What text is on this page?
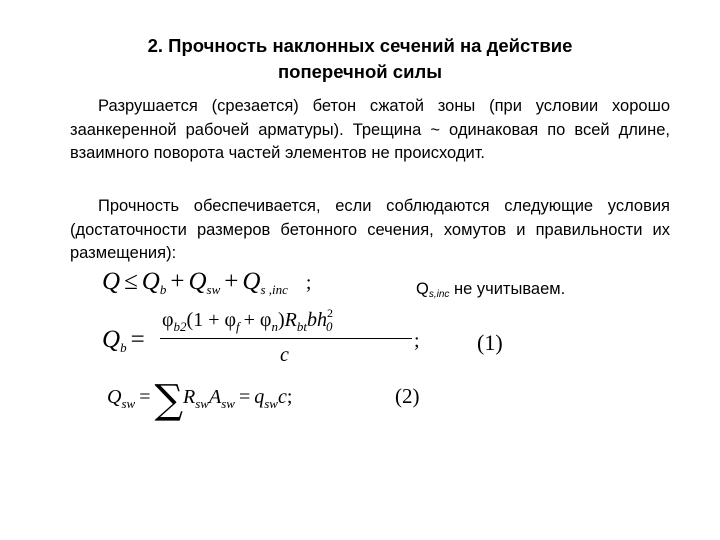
2. Прочность наклонных сечений на действие
поперечной силы

Разрушается (срезается) бетон сжатой зоны (при условии хорошо заанкеренной рабочей арматуры). Трещина ~ одинаковая по всей длине, взаимного поворота частей элементов не происходит.

Прочность обеспечивается, если соблюдаются следующие условия (достаточности размеров бетонного сечения, хомутов и правильности их размещения):

$Q \le Q_b + Q_{sw} + Q_{s ,inc}$ ;	$Q_{s,inc}$ не учитываем.
$Q_b$ =
$\varphi_{b2}(1 + \varphi_f + \varphi_n)R_{bt}bh^2_0$
c
;	(1)
$Q_{sw} = \sum R_{sw}A_{sw} = q_{sw}c$;	(2)
